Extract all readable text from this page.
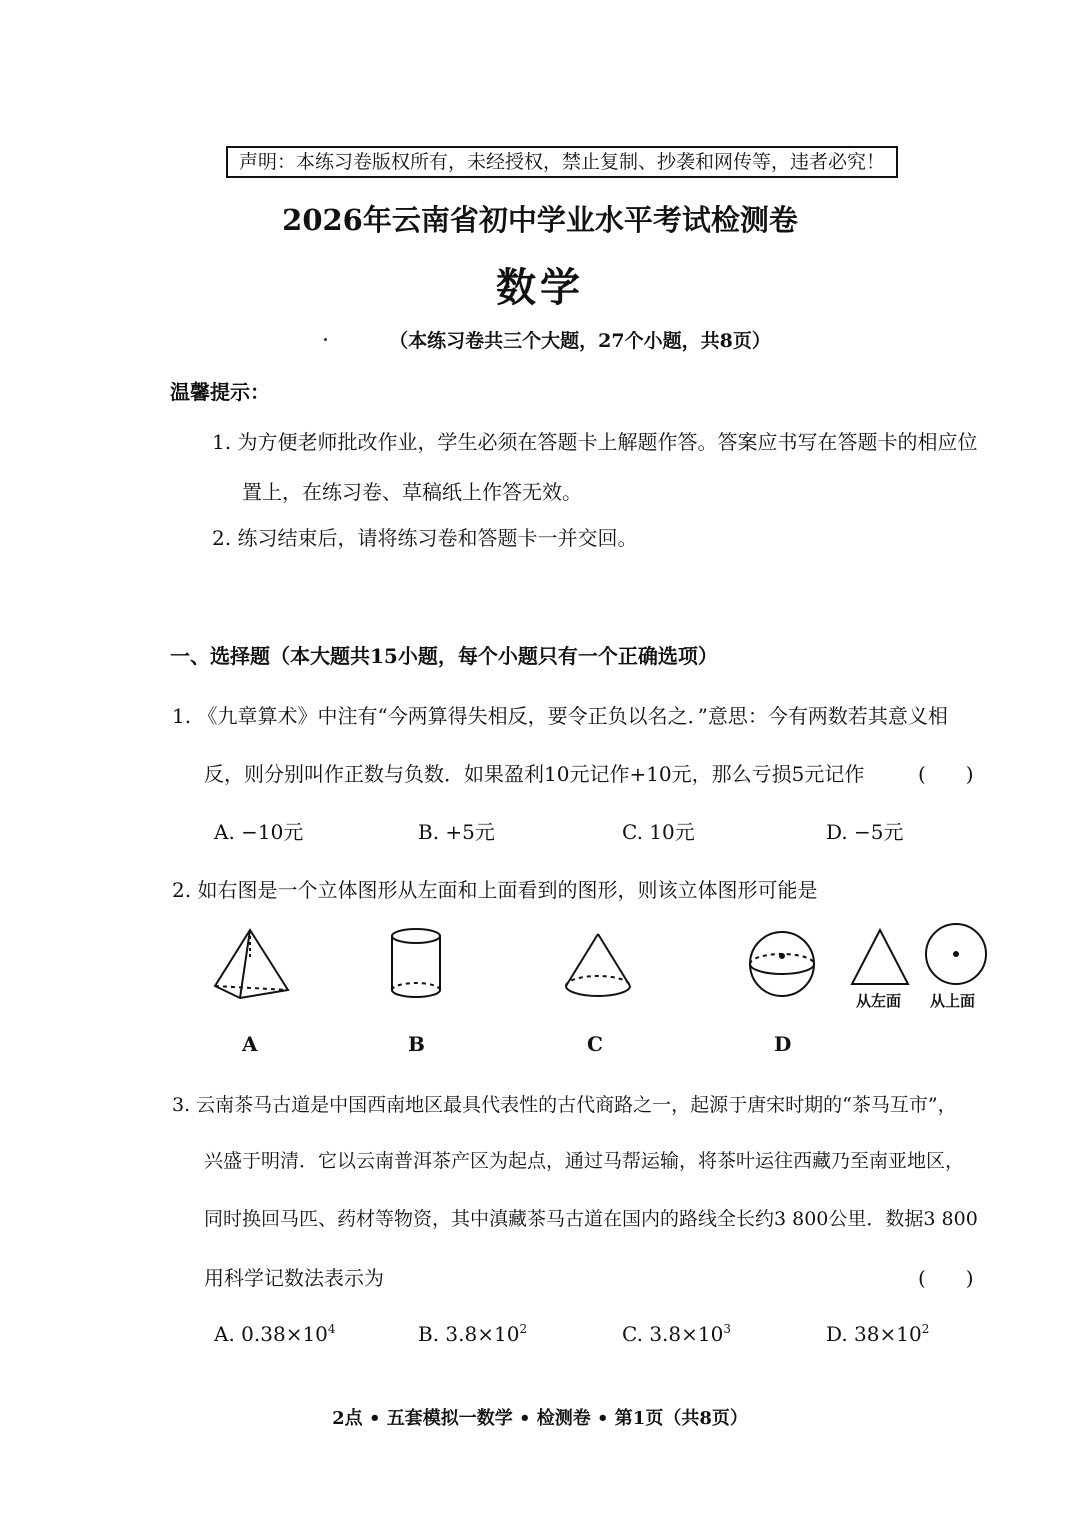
声明：本练习卷版权所有，未经授权，禁止复制、抄袭和网传等，违者必究！
2026年云南省初中学业水平考试检测卷
数学
（本练习卷共三个大题，27个小题，共8页）
温馨提示：
1. 为方便老师批改作业，学生必须在答题卡上解题作答。答案应书写在答题卡的相应位
置上，在练习卷、草稿纸上作答无效。
2. 练习结束后，请将练习卷和答题卡一并交回。
一、选择题（本大题共15小题，每个小题只有一个正确选项）
1. 《九章算术》中注有“今两算得失相反，要令正负以名之．”意思：今有两数若其意义相
反，则分别叫作正数与负数．如果盈利10元记作+10元，那么亏损5元记作	(　　)
A. −10元	B. +5元	C. 10元	D. −5元
2. 如右图是一个立体图形从左面和上面看到的图形，则该立体图形可能是
从左面 从上面
A	B	C	D
3. 云南茶马古道是中国西南地区最具代表性的古代商路之一，起源于唐宋时期的“茶马互市”，
兴盛于明清．它以云南普洱茶产区为起点，通过马帮运输，将茶叶运往西藏乃至南亚地区，
同时换回马匹、药材等物资，其中滇藏茶马古道在国内的路线全长约3 800公里．数据3 800
用科学记数法表示为	(　　)
A. $0.38\times 10^4$	B. $3.8\times 10^2$	C. $3.8\times 10^3$	D. $38\times 10^2$
2点 • 五套模拟一数学 • 检测卷 • 第1页（共8页）
